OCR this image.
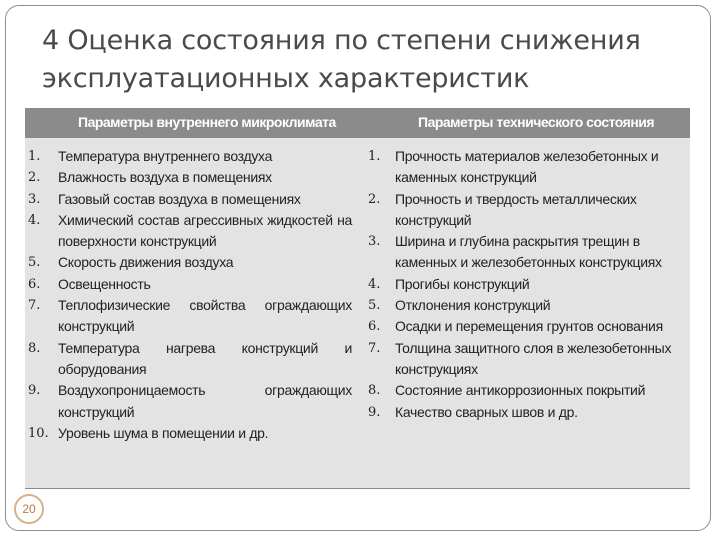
4 Оценка состояния по степени снижения эксплуатационных характеристик
Параметры внутреннего микроклимата	Параметры технического состояния
1.	Температура внутреннего воздуха
2.	Влажность воздуха в помещениях
3.	Газовый состав воздуха в помещениях
4.	Химический состав агрессивных жидкостей на поверхности конструкций
5.	Скорость движения воздуха
6.	Освещенность
7.	Теплофизические свойства ограждающих конструкций
8.	Температура нагрева конструкций и оборудования
9.	Воздухопроницаемость ограждающих конструкций
10. Уровень шума в помещении и др.
1.	Прочность материалов железобетонных и каменных конструкций
2.	Прочность и твердость металлических конструкций
3.	Ширина и глубина раскрытия трещин в каменных и железобетонных конструкциях
4.	Прогибы конструкций
5.	Отклонения конструкций
6.	Осадки и перемещения грунтов основания
7.	Толщина защитного слоя в железобетонных конструкциях
8.	Состояние антикоррозионных покрытий
9.	Качество сварных швов и др.
20
